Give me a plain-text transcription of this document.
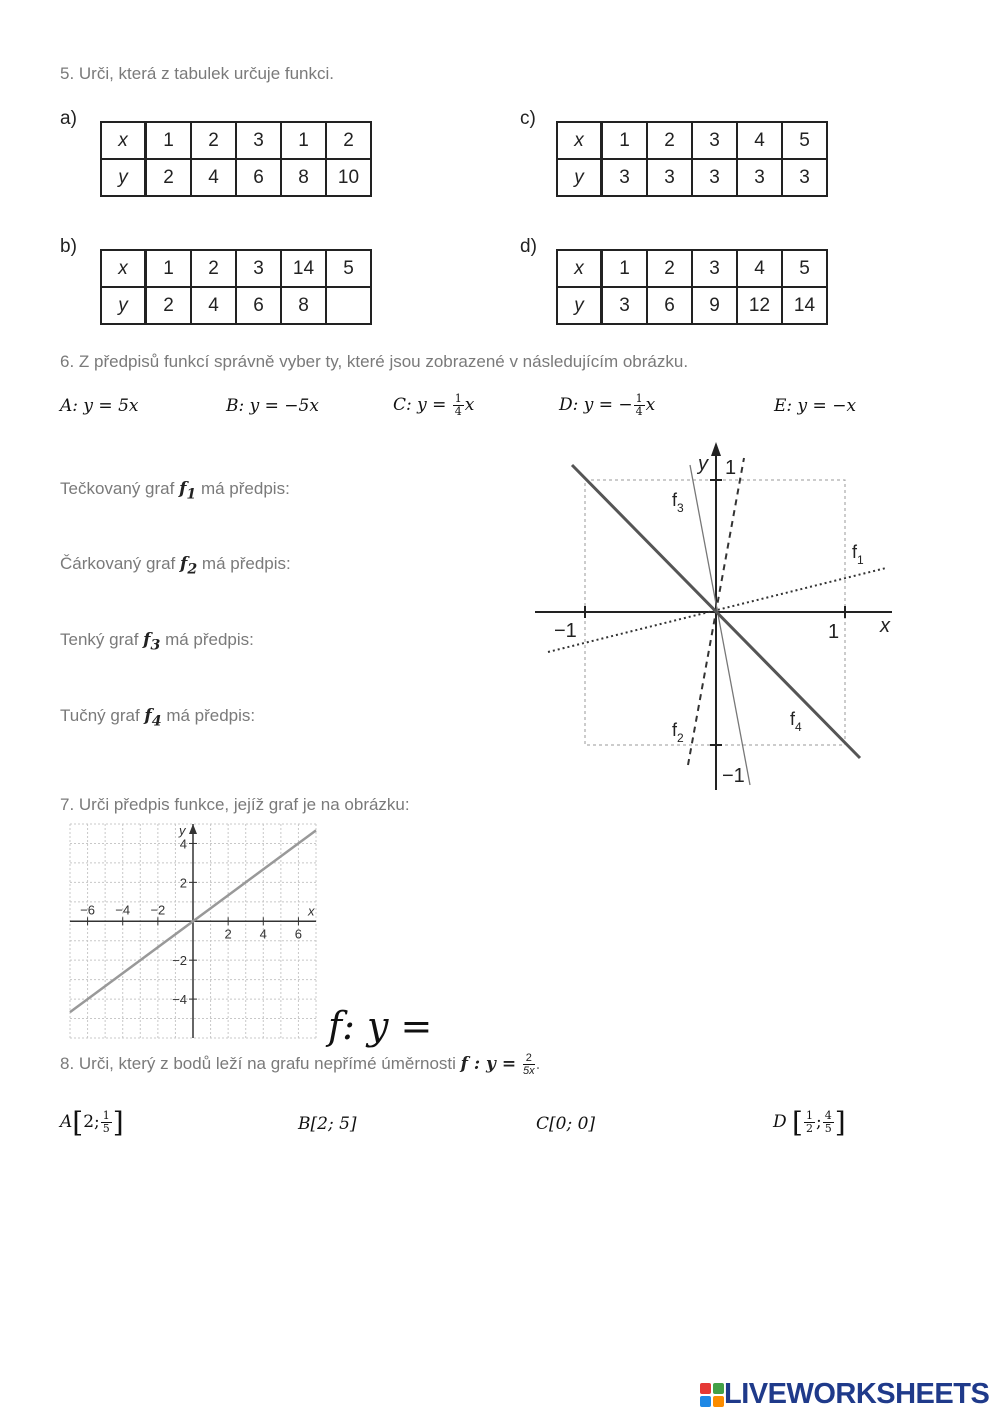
5. Urči, která z tabulek určuje funkci.
a)
x	1	2	3	1	2
y	2	4	6	8	10
b)
x	1	2	3	14	5
y	2	4	6	8	
c)
x	1	2	3	4	5
y	3	3	3	3	3
d)
x	1	2	3	4	5
y	3	6	9	12	14
6. Z předpisů funkcí správně vyber ty, které jsou zobrazené v následujícím obrázku.
A: y = 5x	B: y = −5x	C: $y = \frac{1}{4}$ x	D: y = − $\frac{1}{4}$ x	E: y = −x
Tečkovaný graf $f_1$ má předpis:
Čárkovaný graf $f_2$ má předpis:
Tenký graf $f_3$ má předpis:
Tučný graf $f_4$ má předpis:
y 1
x
1
−1
−1
$f_1$
$f_2$
$f_3$
$f_4$
7. Urči předpis funkce, jejíž graf je na obrázku:
−6 −4 −2
2 4 6
4
2
−2
−4
x
y
f: y =
8. Urči, který z bodů leží na grafu nepřímé úměrnosti f : $y = \frac{2}{5x}$ .
A[2; $\frac{1}{5}$ ]	B[2; 5]	C[0; 0]	D [ $\frac{1}{2}$ ; $\frac{4}{5}$ ]
LIVEWORKSHEETS
